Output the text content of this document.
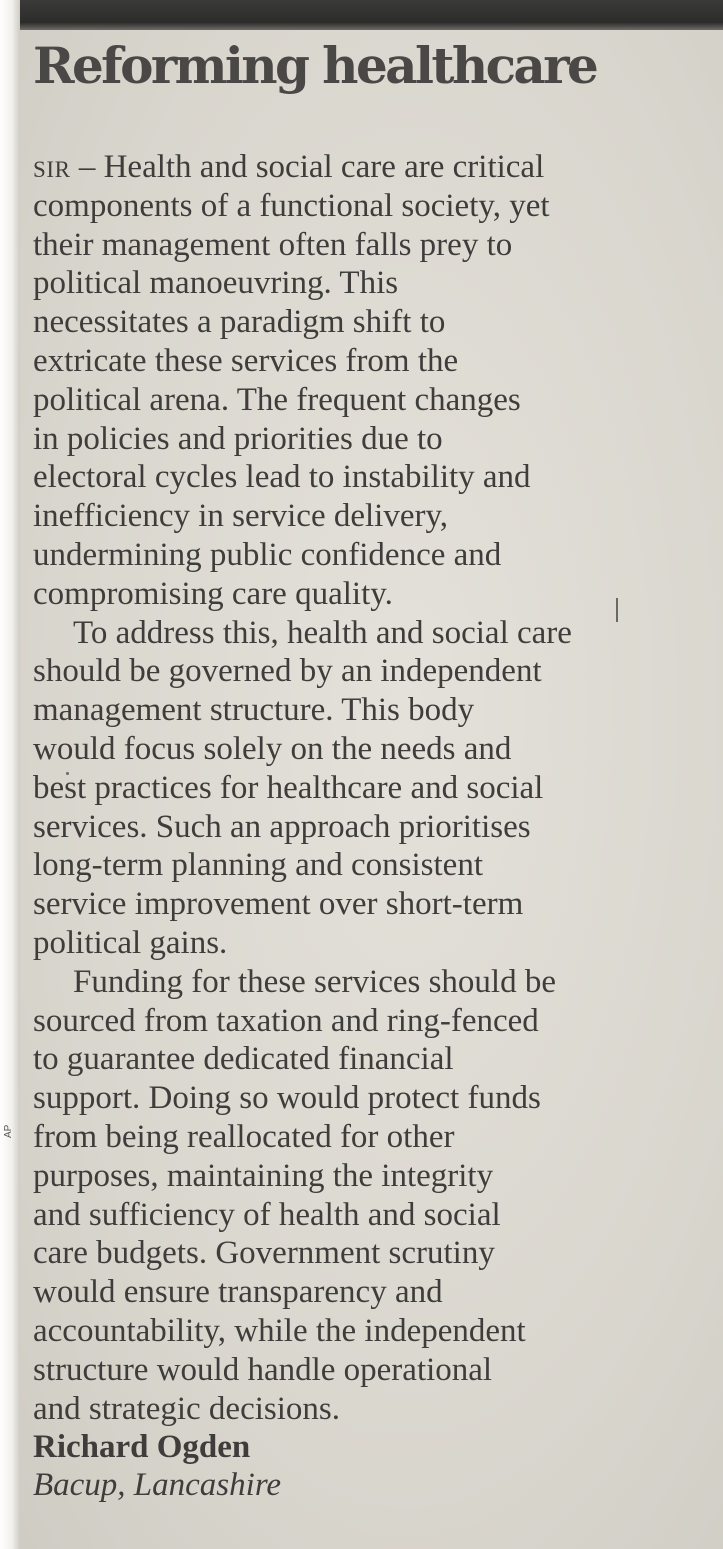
AP
Reforming healthcare
SIR – Health and social care are critical
components of a functional society, yet
their management often falls prey to
political manoeuvring. This
necessitates a paradigm shift to
extricate these services from the
political arena. The frequent changes
in policies and priorities due to
electoral cycles lead to instability and
inefficiency in service delivery,
undermining public confidence and
compromising care quality.
To address this, health and social care
should be governed by an independent
management structure. This body
would focus solely on the needs and
best practices for healthcare and social
services. Such an approach prioritises
long-term planning and consistent
service improvement over short-term
political gains.
Funding for these services should be
sourced from taxation and ring-fenced
to guarantee dedicated financial
support. Doing so would protect funds
from being reallocated for other
purposes, maintaining the integrity
and sufficiency of health and social
care budgets. Government scrutiny
would ensure transparency and
accountability, while the independent
structure would handle operational
and strategic decisions.
Richard Ogden
Bacup, Lancashire
